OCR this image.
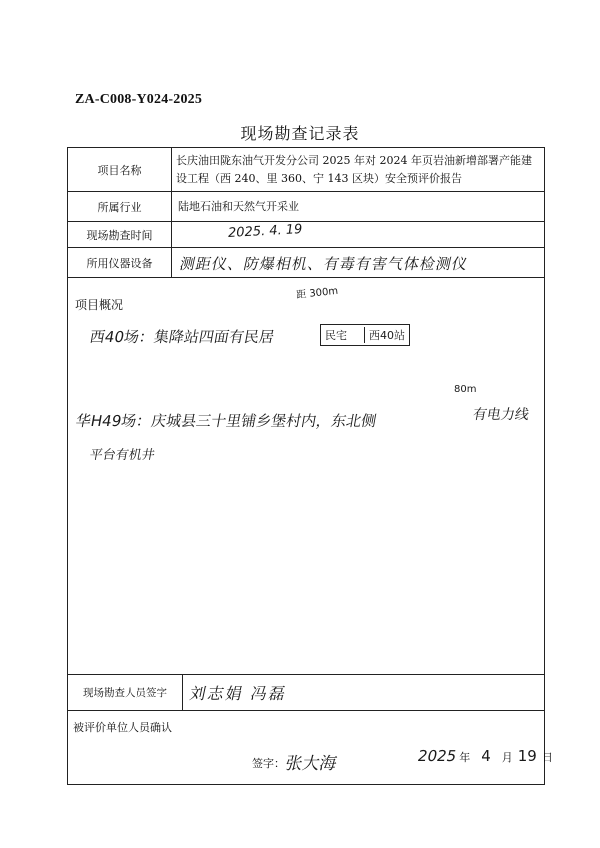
ZA-C008-Y024-2025
现场勘查记录表
项目名称
长庆油田陇东油气开发分公司 2025 年对 2024 年页岩油新增部署产能建设工程（西 240、里 360、宁 143 区块）安全预评价报告
所属行业	陆地石油和天然气开采业
现场勘查时间	2025. 4. 19
所用仪器设备	测距仪、防爆相机、有毒有害气体检测仪
项目概况
距 300m
西40场：集降站四面有民居	民宅	西40站
华H49场：庆城县三十里铺乡堡村内，东北侧
80m
有电力线
平台有机井
现场勘查人员签字	刘志娟 冯磊
被评价单位人员确认
签字：
张大海	2025 年 4	月 19 日
